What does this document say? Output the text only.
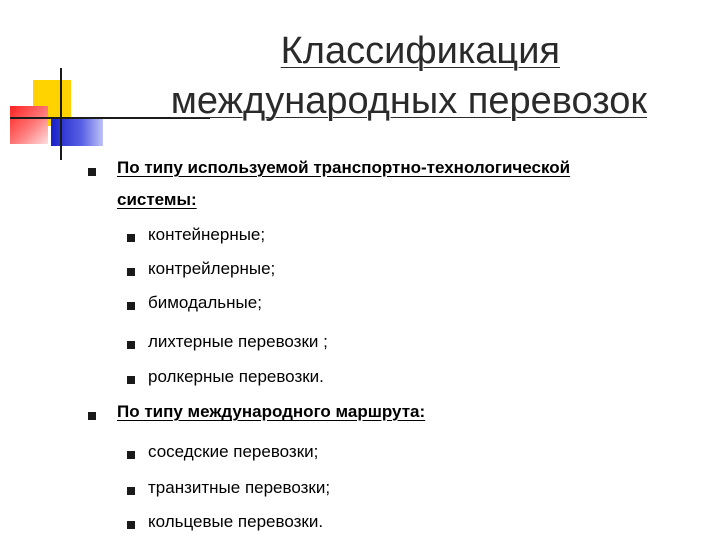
Классификация
международных перевозок
По типу используемой транспортно-технологической
системы:
контейнерные;
контрейлерные;
бимодальные;
лихтерные перевозки ;
ролкерные перевозки.
По типу международного маршрута:
соседские перевозки;
транзитные перевозки;
кольцевые перевозки.
